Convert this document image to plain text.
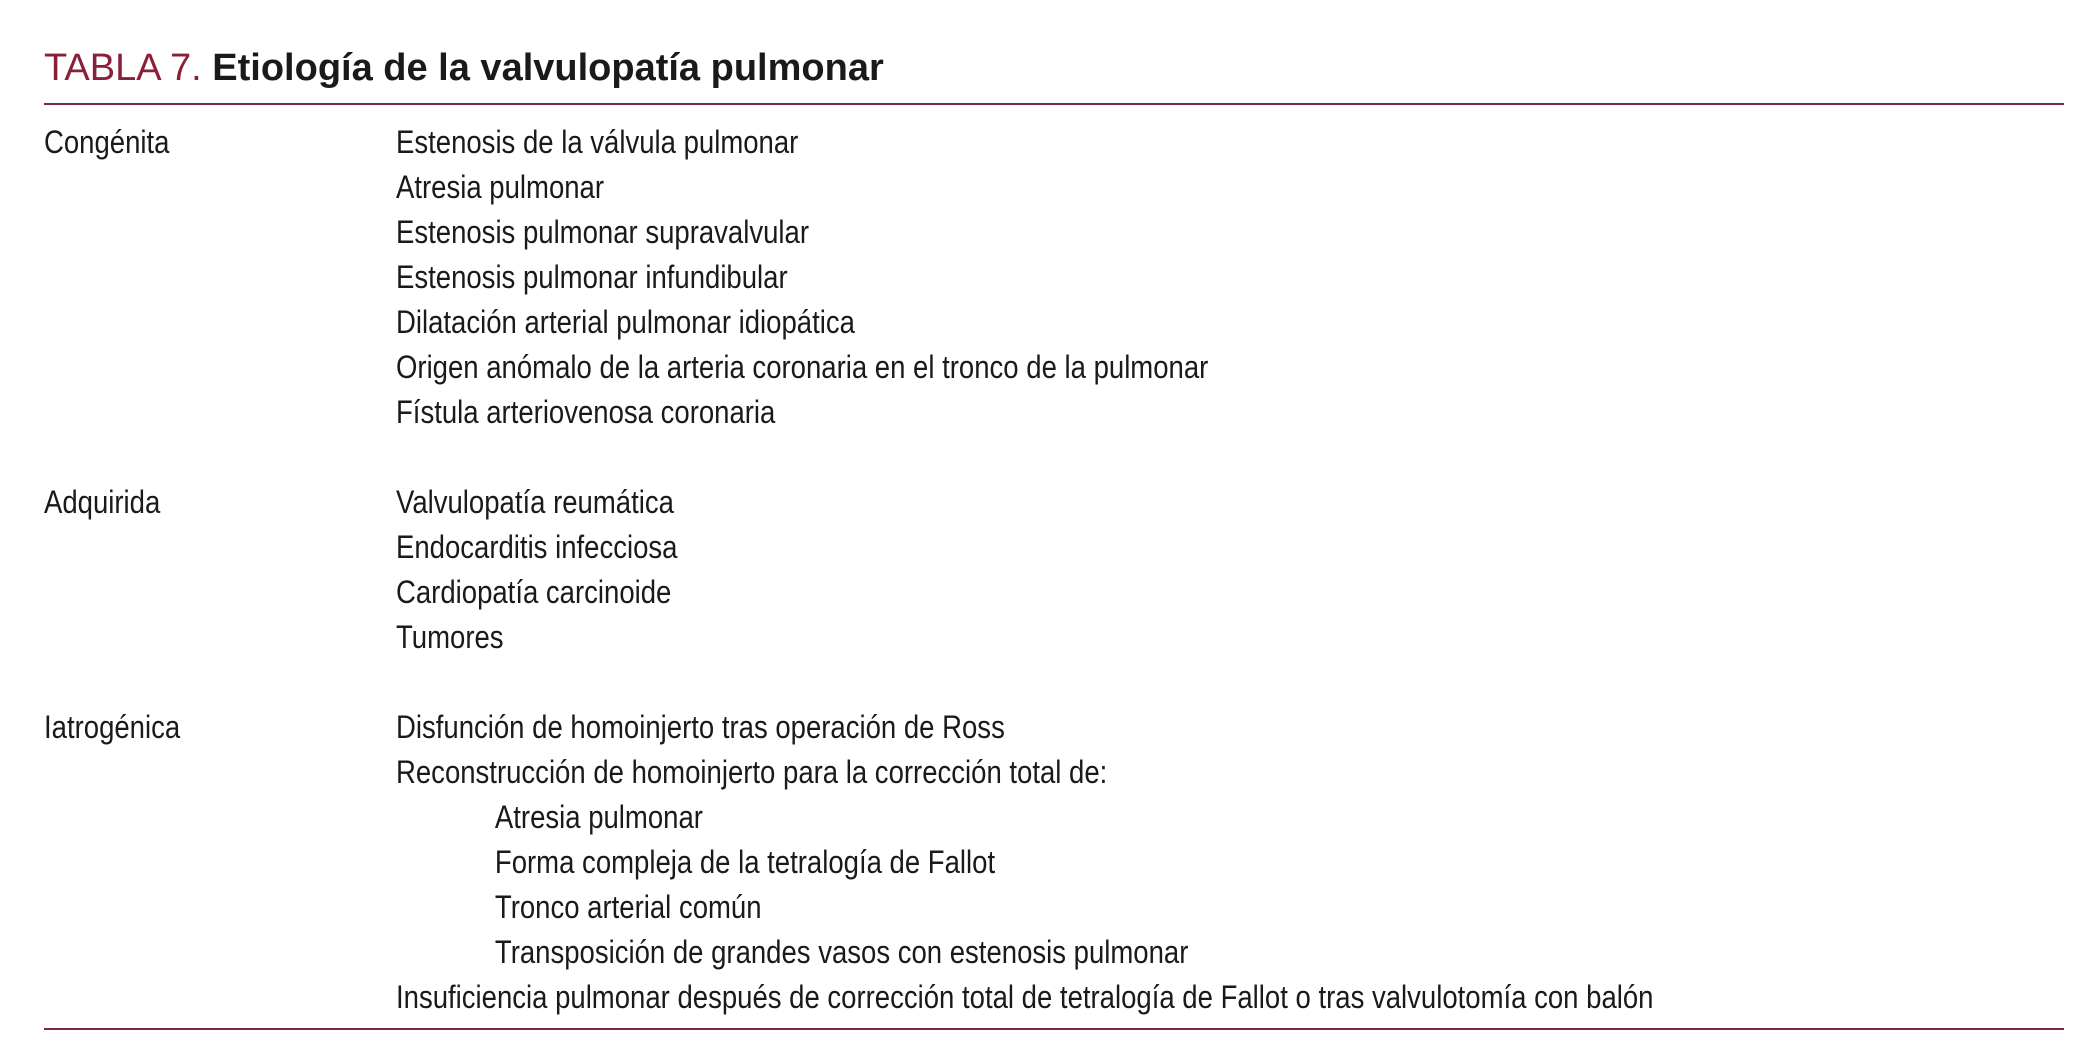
TABLA 7. Etiología de la valvulopatía pulmonar
Congénita	Estenosis de la válvula pulmonar
Atresia pulmonar
Estenosis pulmonar supravalvular
Estenosis pulmonar infundibular
Dilatación arterial pulmonar idiopática
Origen anómalo de la arteria coronaria en el tronco de la pulmonar
Fístula arteriovenosa coronaria
Adquirida	Valvulopatía reumática
Endocarditis infecciosa
Cardiopatía carcinoide
Tumores
Iatrogénica	Disfunción de homoinjerto tras operación de Ross
Reconstrucción de homoinjerto para la corrección total de:
Atresia pulmonar
Forma compleja de la tetralogía de Fallot
Tronco arterial común
Transposición de grandes vasos con estenosis pulmonar
Insuficiencia pulmonar después de corrección total de tetralogía de Fallot o tras valvulotomía con balón
